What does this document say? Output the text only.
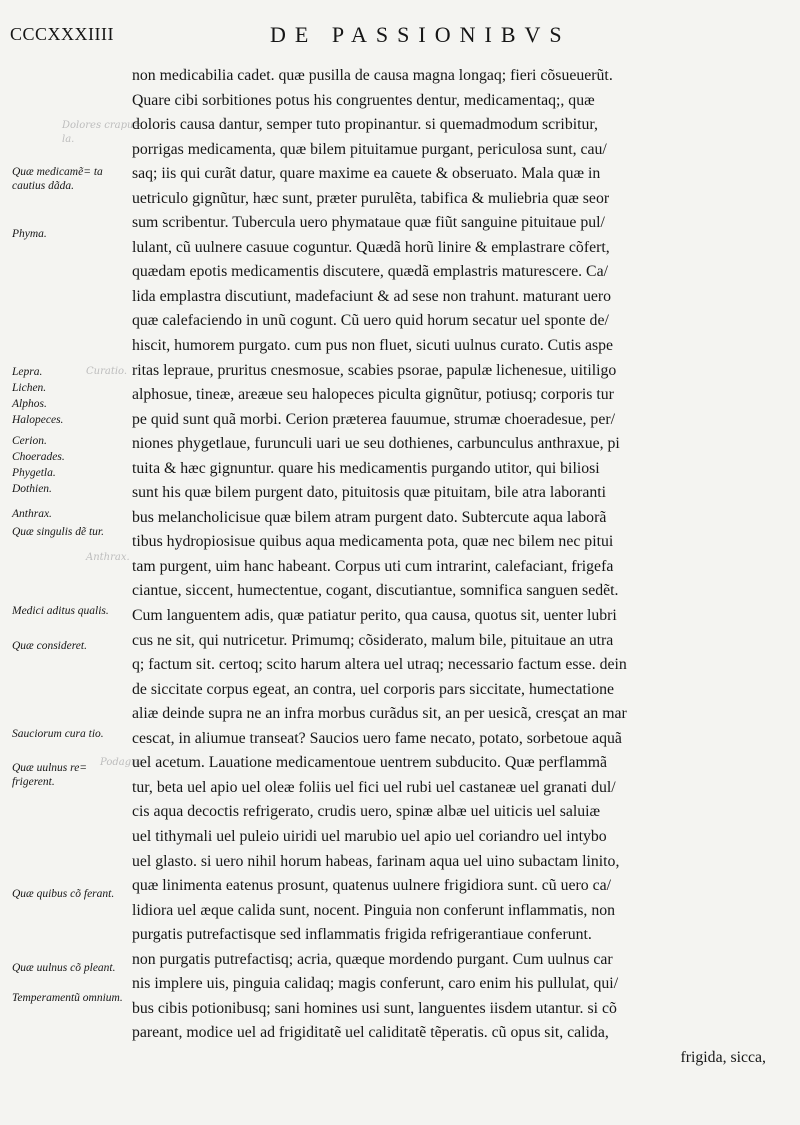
CCCXXXIIII	DE PASSIONIBVS
Dolores crapu=
la.
Curatio.
Anthrax.
Podagra.
Quæ medicamẽ= ta cautius dãda.
Phyma.
Lepra.
Lichen.
Alphos.
Halopeces.
Cerion.
Choerades.
Phygetla.
Dothien.
Anthrax.
Quæ singulis dẽ tur.
Medici aditus qualis.
Quæ consideret.
Sauciorum cura tio.
Quæ uulnus re= frigerent.
Quæ quibus cõ ferant.
Quæ uulnus cõ pleant.
Temperamentũ omnium.
non medicabilia cadet. quæ pusilla de causa magna longaq; fieri cõsueuerũt.
Quare cibi sorbitiones potus his congruentes dentur, medicamentaq;, quæ
doloris causa dantur, semper tuto propinantur. si quemadmodum scribitur,
porrigas medicamenta, quæ bilem pituitamue purgant, periculosa sunt, cau/
saq; iis qui curãt datur, quare maxime ea cauete & obseruato. Mala quæ in
uetriculo gignũtur, hæc sunt, præter purulẽta, tabifica & muliebria quæ seor
sum scribentur. Tubercula uero phymataue quæ fiũt sanguine pituitaue pul/
lulant, cũ uulnere casuue coguntur. Quædã horũ linire & emplastrare cõfert,
quædam epotis medicamentis discutere, quædã emplastris maturescere. Ca/
lida emplastra discutiunt, madefaciunt & ad sese non trahunt. maturant uero
quæ calefaciendo in unũ cogunt. Cũ uero quid horum secatur uel sponte de/
hiscit, humorem purgato. cum pus non fluet, sicuti uulnus curato. Cutis aspe
ritas lepraue, pruritus cnesmosue, scabies psorae, papulæ lichenesue, uitiligo
alphosue, tineæ, areæue seu halopeces piculta gignũtur, potiusq; corporis tur
pe quid sunt quã morbi. Cerion præterea fauumue, strumæ choeradesue, per/
niones phygetlaue, furunculi uari ue seu dothienes, carbunculus anthraxue, pi
tuita & hæc gignuntur. quare his medicamentis purgando utitor, qui biliosi
sunt his quæ bilem purgent dato, pituitosis quæ pituitam, bile atra laboranti
bus melancholicisue quæ bilem atram purgent dato. Subtercute aqua laborã
tibus hydropiosisue quibus aqua medicamenta pota, quæ nec bilem nec pitui
tam purgent, uim hanc habeant. Corpus uti cum intrarint, calefaciant, frigefa
ciantue, siccent, humectentue, cogant, discutiantue, somnifica sanguen sedẽt.
Cum languentem adis, quæ patiatur perito, qua causa, quotus sit, uenter lubri
cus ne sit, qui nutricetur. Primumq; cõsiderato, malum bile, pituitaue an utra
q; factum sit. certoq; scito harum altera uel utraq; necessario factum esse. dein
de siccitate corpus egeat, an contra, uel corporis pars siccitate, humectatione
aliæ deinde supra ne an infra morbus curãdus sit, an per uesicã, cresçat an mar
cescat, in aliumue transeat? Saucios uero fame necato, potato, sorbetoue aquã
uel acetum. Lauatione medicamentoue uentrem subducito. Quæ perflammã
tur, beta uel apio uel oleæ foliis uel fici uel rubi uel castaneæ uel granati dul/
cis aqua decoctis refrigerato, crudis uero, spinæ albæ uel uiticis uel saluiæ
uel tithymali uel puleio uiridi uel marubio uel apio uel coriandro uel intybo
uel glasto. si uero nihil horum habeas, farinam aqua uel uino subactam linito,
quæ linimenta eatenus prosunt, quatenus uulnere frigidiora sunt. cũ uero ca/
lidiora uel æque calida sunt, nocent. Pinguia non conferunt inflammatis, non
purgatis putrefactisque sed inflammatis frigida refrigerantiaue conferunt.
non purgatis putrefactisq; acria, quæque mordendo purgant. Cum uulnus car
nis implere uis, pinguia calidaq; magis conferunt, caro enim his pullulat, qui/
bus cibis potionibusq; sani homines usi sunt, languentes iisdem utantur. si cõ
pareant, modice uel ad frigiditatẽ uel caliditatẽ tẽperatis. cũ opus sit, calida,
frigida, sicca,
